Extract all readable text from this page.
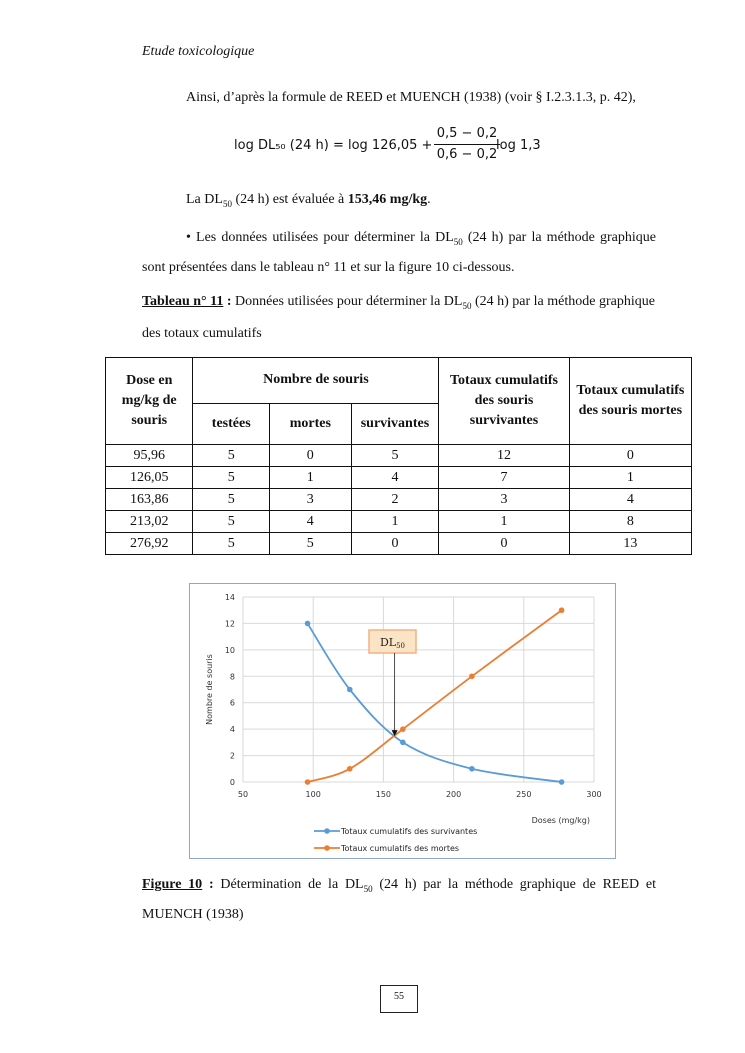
Etude toxicologique
Ainsi, d’après la formule de REED et MUENCH (1938) (voir § I.2.3.1.3, p. 42),
log DL₅₀ (24 h) = log 126,05 +
0,5 − 0,2
0,6 − 0,2
log 1,3
La $DL_{50}$ (24 h) est évaluée à 153,46 mg/kg.
• Les données utilisées pour déterminer la $DL_{50}$ (24 h) par la méthode graphique sont présentées dans le tableau n° 11 et sur la figure 10 ci-dessous.
Tableau n° 11 : Données utilisées pour déterminer la $DL_{50}$ (24 h) par la méthode graphique des totaux cumulatifs
Dose en mg/kg de souris	Nombre de souris			Totaux cumulatifs des souris survivantes	Totaux cumulatifs des souris mortes
	testées	mortes	survivantes		
95,96	5	0	5	12	0
126,05	5	1	4	7	1
163,86	5	3	2	3	4
213,02	5	4	1	1	8
276,92	5	5	0	0	13
0
2
4
6
8
10
12
14
50	100	150	200	250	300
Nombre de souris
Doses (mg/kg)
DL50
Totaux cumulatifs des survivantes
Totaux cumulatifs des mortes
Figure 10 : Détermination de la $DL_{50}$ (24 h) par la méthode graphique de REED et MUENCH (1938)
55
